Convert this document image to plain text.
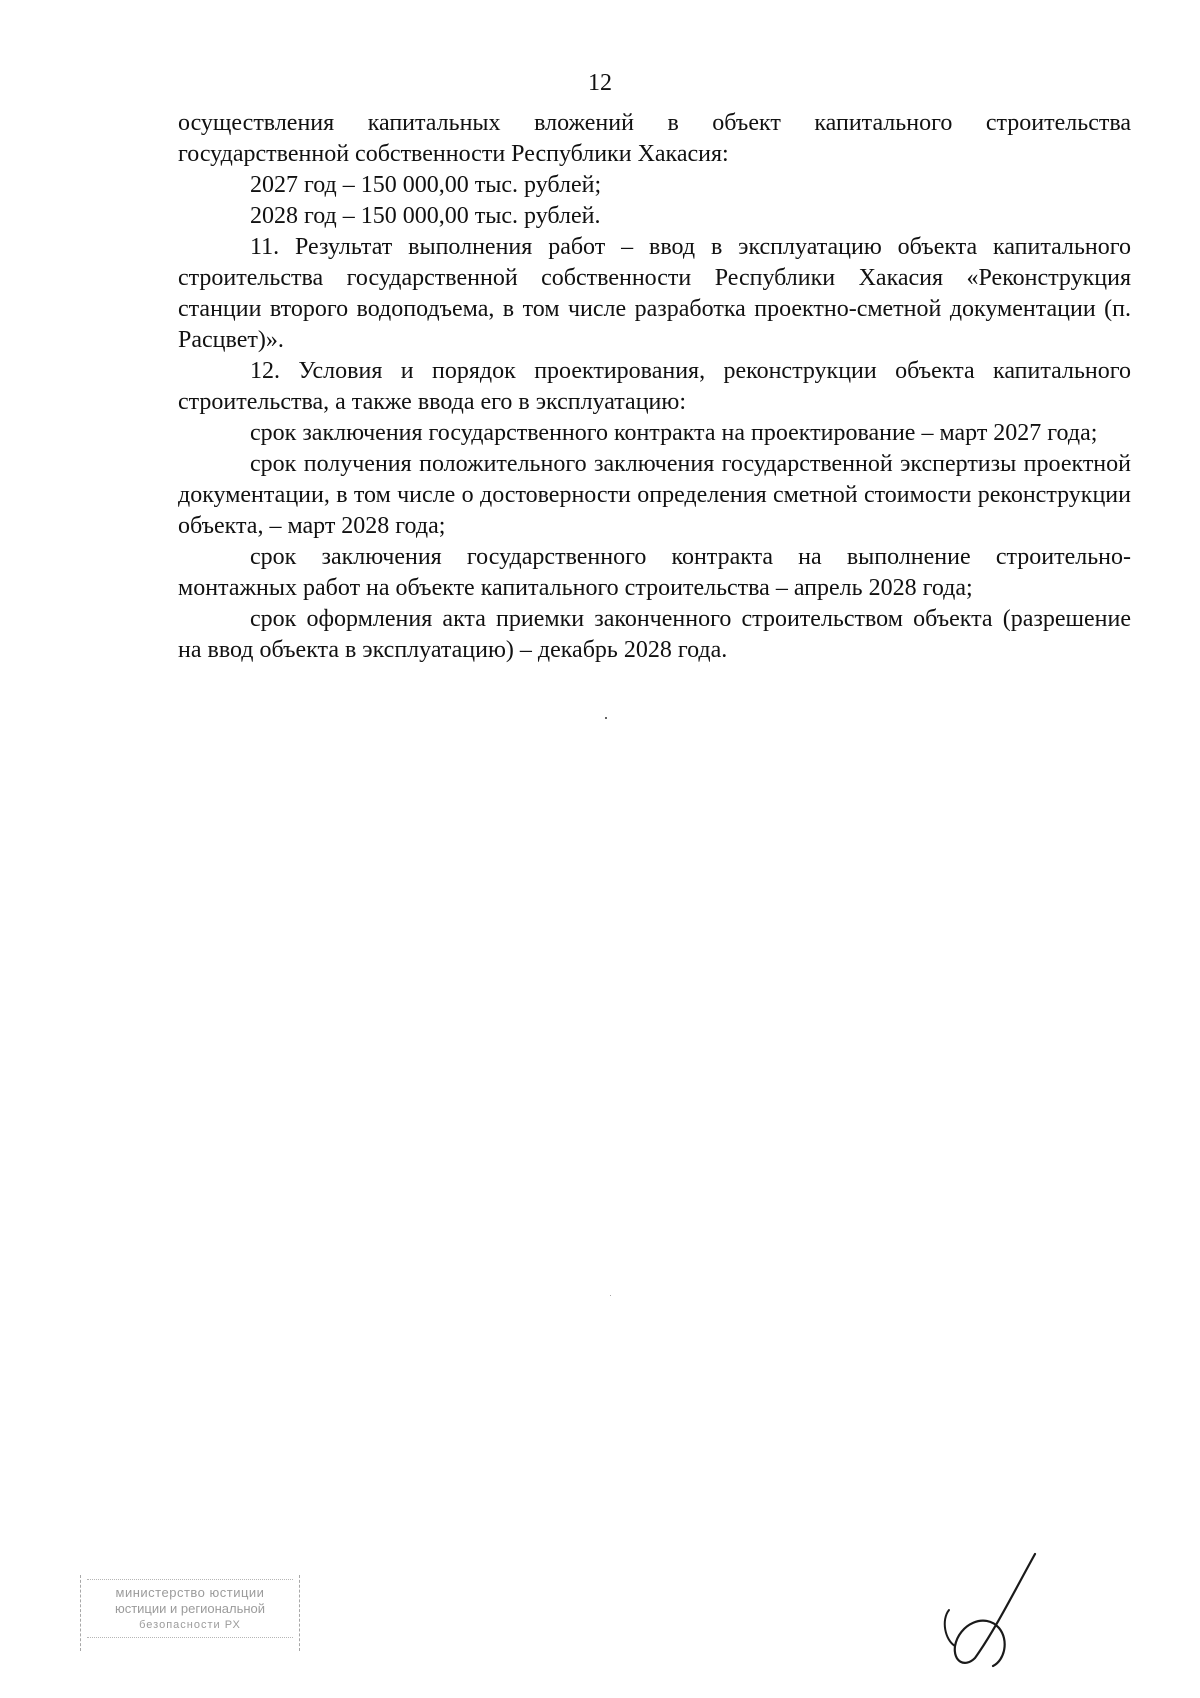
12

осуществления капитальных вложений в объект капитального строительства государственной собственности Республики Хакасия:

2027 год – 150 000,00 тыс. рублей;

2028 год – 150 000,00 тыс. рублей.

11. Результат выполнения работ – ввод в эксплуатацию объекта капитального строительства государственной собственности Республики Хакасия «Реконструкция станции второго водоподъема, в том числе разработка проектно-сметной документации (п. Расцвет)».

12. Условия и порядок проектирования, реконструкции объекта капитального строительства, а также ввода его в эксплуатацию:

срок заключения государственного контракта на проектирование – март 2027 года;

срок получения положительного заключения государственной экспертизы проектной документации, в том числе о достоверности определения сметной стоимости реконструкции объекта, – март 2028 года;

срок заключения государственного контракта на выполнение строительно-монтажных работ на объекте капитального строительства – апрель 2028 года;

срок оформления акта приемки законченного строительством объекта (разрешение на ввод объекта в эксплуатацию) – декабрь 2028 года.

министерство юстиции
юстиции и региональной
безопасности РХ
